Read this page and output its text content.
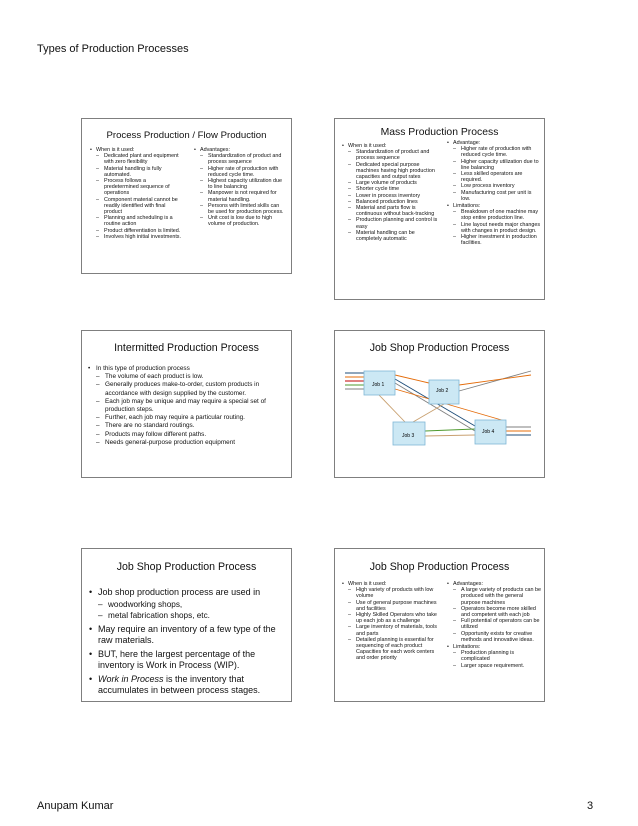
Types of Production Processes
Process Production / Flow Production
• When is it used:
– Dedicated plant and equipment with zero flexibility
– Material handling is fully automated.
– Process follows a predetermined sequence of operations
– Component material cannot be readily identified with final product
– Planning and scheduling is a routine action
– Product differentiation is limited.
– Involves high initial investments.
• Advantages:
– Standardization of product and process sequence
– Higher rate of production with reduced cycle time.
– Highest capacity utilization due to line balancing
– Manpower is not required for material handling.
– Persons with limited skills can be used for production process.
– Unit cost is low due to high volume of production.
Mass Production Process
• When is it used:
– Standardization of product and process sequence
– Dedicated special purpose machines having high production capacities and output rates
– Large volume of products
– Shorter cycle time
– Lower in process inventory
– Balanced production lines
– Material and parts flow is continuous without back-tracking
– Production planning and control is easy
– Material handling can be completely automatic
• Advantage:
– Higher rate of production with reduced cycle time.
– Higher capacity utilization due to line balancing
– Less skilled operators are required.
– Low process inventory
– Manufacturing cost per unit is low.
• Limitations:
– Breakdown of one machine may stop entire production line.
– Line layout needs major changes with changes in product design.
– Higher investment in production facilities.
Intermitted Production Process
• In this type of production process
– The volume of each product is low.
– Generally produces make-to-order, custom products in accordance with design supplied by the customer.
– Each job may be unique and may require a special set of production steps.
– Further, each job may require a particular routing.
– There are no standard routings.
– Products may follow different paths.
– Needs general-purpose production equipment
Job Shop Production Process
Job 1
Job 2
Job 3
Job 4
Job Shop Production Process
• Job shop production process are used in
– woodworking shops,
– metal fabrication shops, etc.
• May require an inventory of a few type of the raw materials.
• BUT, here the largest percentage of the inventory is Work in Process (WIP).
• Work in Process is the inventory that accumulates in between process stages.
Job Shop Production Process
• When is it used:
– High variety of products with low volume
– Use of general purpose machines and facilities
– Highly Skilled Operators who take up each job as a challenge
– Large inventory of materials, tools and parts
– Detailed planning is essential for sequencing of each product Capacities for each work centers and order priority
• Advantages:
– A large variety of products can be produced with the general purpose machines
– Operators become more skilled and competent with each job
– Full potential of operators can be utilized
– Opportunity exists for creative methods and innovative ideas.
• Limitations:
– Production planning is complicated
– Larger space requirement.
Anupam Kumar	3
